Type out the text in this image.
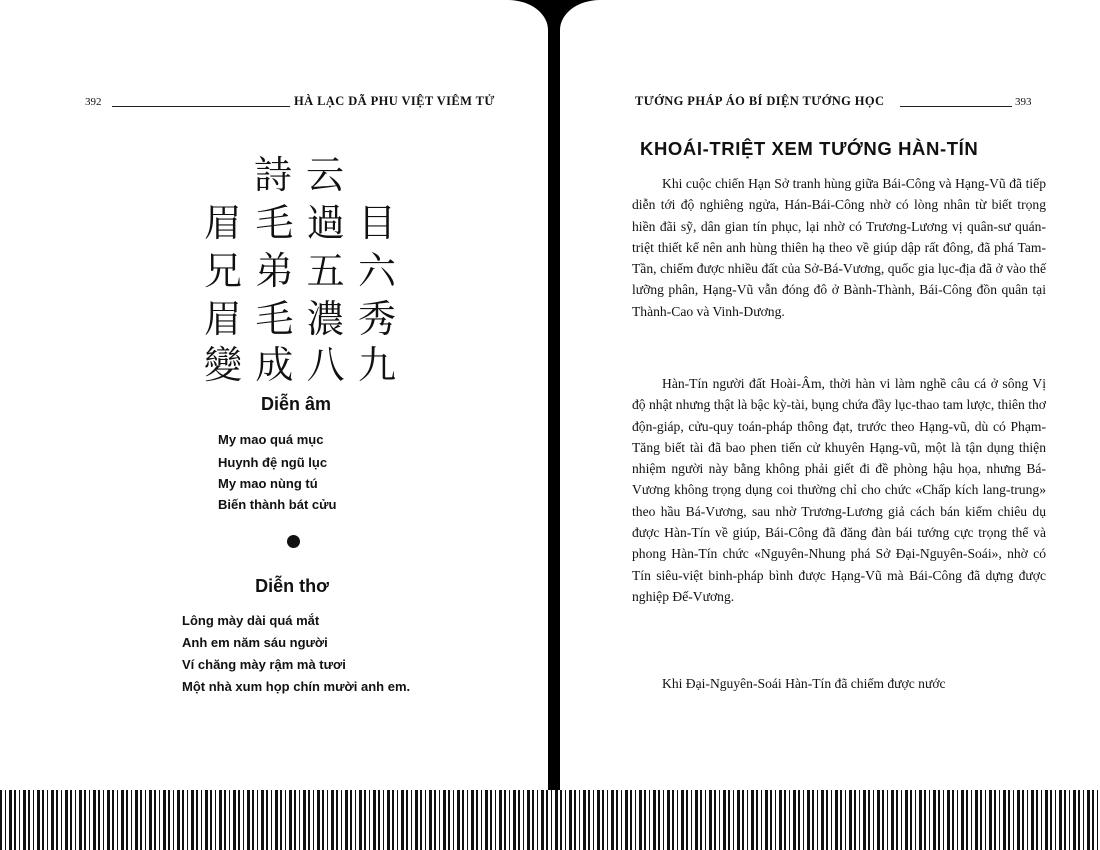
392	HÀ LẠC DÃ PHU VIỆT VIÊM TỬ
詩 云
眉 毛 過 目
兄 弟 五 六
眉 毛 濃 秀
變 成 八 九
Diễn âm
My mao quá mục
Huynh đệ ngũ lục
My mao nùng tú
Biến thành bát cửu
Diễn thơ
Lông mày dài quá mắt
Anh em năm sáu người
Ví chăng mày rậm mà tươi
Một nhà xum họp chín mười anh em.
TƯỚNG PHÁP ÁO BÍ DIỆN TƯỚNG HỌC	393
KHOÁI-TRIỆT XEM TƯỚNG HÀN-TÍN

Khi cuộc chiến Hạn Sở tranh hùng giữa Bái-Công và Hạng-Vũ đã tiếp diễn tới độ nghiêng ngửa, Hán-Bái-Công nhờ có lòng nhân từ biết trọng hiền đãi sỹ, dân gian tín phục, lại nhờ có Trương-Lương vị quân-sư quán-triệt thiết kế nên anh hùng thiên hạ theo về giúp dập rất đông, đã phá Tam-Tần, chiếm được nhiều đất của Sở-Bá-Vương, quốc gia lục-địa đã ở vào thế lưỡng phân, Hạng-Vũ vẫn đóng đô ở Bành-Thành, Bái-Công đồn quân tại Thành-Cao và Vinh-Dương.

Hàn-Tín người đất Hoài-Âm, thời hàn vi làm nghề câu cá ở sông Vị độ nhật nhưng thật là bậc kỳ-tài, bụng chứa đầy lục-thao tam lược, thiên thơ độn-giáp, cửu-quy toán-pháp thông đạt, trước theo Hạng-vũ, dù có Phạm-Tăng biết tài đã bao phen tiến cử khuyên Hạng-vũ, một là tận dụng thiện nhiệm người này bằng không phải giết đi đề phòng hậu họa, nhưng Bá-Vương không trọng dụng coi thường chỉ cho chức «Chấp kích lang-trung» theo hầu Bá-Vương, sau nhờ Trương-Lương giả cách bán kiếm chiêu dụ được Hàn-Tín về giúp, Bái-Công đã đăng đàn bái tướng cực trọng thể và phong Hàn-Tín chức «Nguyên-Nhung phá Sở Đại-Nguyên-Soái», nhờ có Tín siêu-việt binh-pháp bình được Hạng-Vũ mà Bái-Công đã dựng được nghiệp Đế-Vương.

Khi Đại-Nguyên-Soái Hàn-Tín đã chiếm được nước
